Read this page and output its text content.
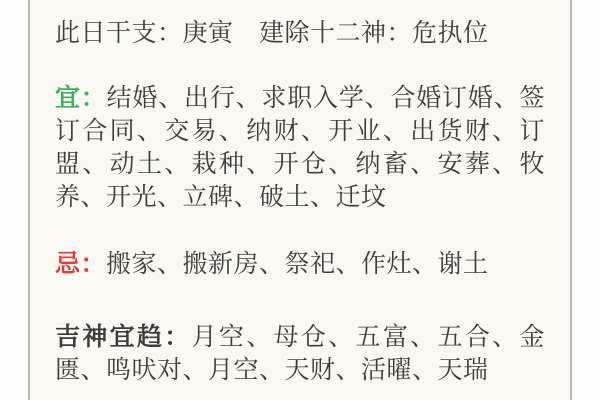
此日干支：庚寅　建除十二神：危执位
宜：结婚、出行、求职入学、合婚订婚、签
订合同、交易、纳财、开业、出货财、订
盟、动土、栽种、开仓、纳畜、安葬、牧
养、开光、立碑、破土、迁坟
忌：搬家、搬新房、祭祀、作灶、谢土
吉神宜趋：月空、母仓、五富、五合、金
匮、鸣吠对、月空、天财、活曜、天瑞
